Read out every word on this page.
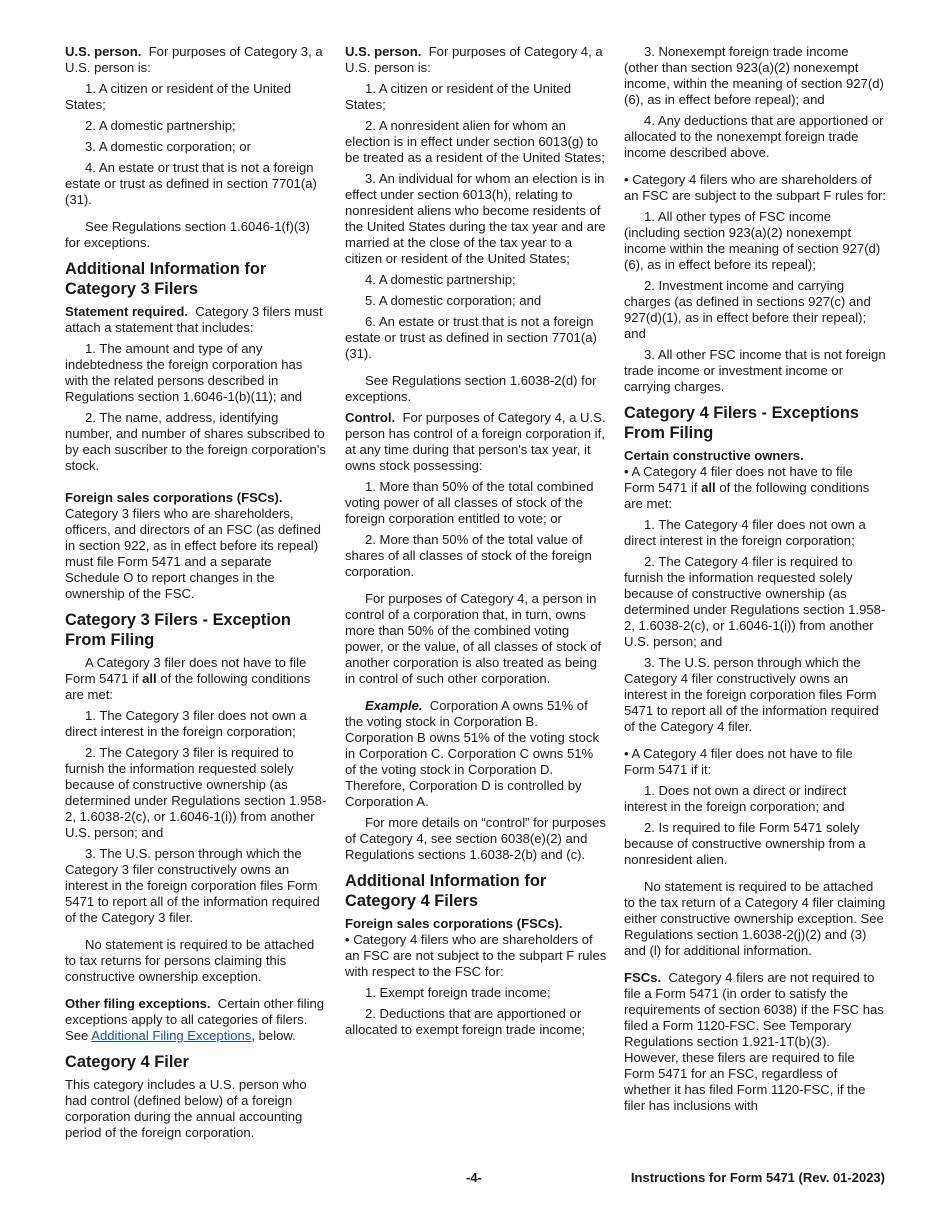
U.S. person. For purposes of Category 3, a U.S. person is:

1. A citizen or resident of the United States;

2. A domestic partnership;

3. A domestic corporation; or

4. An estate or trust that is not a foreign estate or trust as defined in section 7701(a)(31).

See Regulations section 1.6046-1(f)(3) for exceptions.

Additional Information for Category 3 Filers

Statement required. Category 3 filers must attach a statement that includes:

1. The amount and type of any indebtedness the foreign corporation has with the related persons described in Regulations section 1.6046-1(b)(11); and

2. The name, address, identifying number, and number of shares subscribed to by each suscriber to the foreign corporation's stock.

Foreign sales corporations (FSCs).

Category 3 filers who are shareholders, officers, and directors of an FSC (as defined in section 922, as in effect before its repeal) must file Form 5471 and a separate Schedule O to report changes in the ownership of the FSC.

Category 3 Filers - Exception From Filing

A Category 3 filer does not have to file Form 5471 if all of the following conditions are met:

1. The Category 3 filer does not own a direct interest in the foreign corporation;

2. The Category 3 filer is required to furnish the information requested solely because of constructive ownership (as determined under Regulations section 1.958-2, 1.6038-2(c), or 1.6046-1(i)) from another U.S. person; and

3. The U.S. person through which the Category 3 filer constructively owns an interest in the foreign corporation files Form 5471 to report all of the information required of the Category 3 filer.

No statement is required to be attached to tax returns for persons claiming this constructive ownership exception.

Other filing exceptions. Certain other filing exceptions apply to all categories of filers. See Additional Filing Exceptions, below.

Category 4 Filer

This category includes a U.S. person who had control (defined below) of a foreign corporation during the annual accounting period of the foreign corporation.

U.S. person. For purposes of Category 4, a U.S. person is:

1. A citizen or resident of the United States;

2. A nonresident alien for whom an election is in effect under section 6013(g) to be treated as a resident of the United States;

3. An individual for whom an election is in effect under section 6013(h), relating to nonresident aliens who become residents of the United States during the tax year and are married at the close of the tax year to a citizen or resident of the United States;

4. A domestic partnership;

5. A domestic corporation; and

6. An estate or trust that is not a foreign estate or trust as defined in section 7701(a)(31).

See Regulations section 1.6038-2(d) for exceptions.

Control. For purposes of Category 4, a U.S. person has control of a foreign corporation if, at any time during that person's tax year, it owns stock possessing:

1. More than 50% of the total combined voting power of all classes of stock of the foreign corporation entitled to vote; or

2. More than 50% of the total value of shares of all classes of stock of the foreign corporation.

For purposes of Category 4, a person in control of a corporation that, in turn, owns more than 50% of the combined voting power, or the value, of all classes of stock of another corporation is also treated as being in control of such other corporation.

Example. Corporation A owns 51% of the voting stock in Corporation B. Corporation B owns 51% of the voting stock in Corporation C. Corporation C owns 51% of the voting stock in Corporation D. Therefore, Corporation D is controlled by Corporation A.

For more details on “control” for purposes of Category 4, see section 6038(e)(2) and Regulations sections 1.6038-2(b) and (c).

Additional Information for Category 4 Filers

Foreign sales corporations (FSCs).

• Category 4 filers who are shareholders of an FSC are not subject to the subpart F rules with respect to the FSC for:

1. Exempt foreign trade income;

2. Deductions that are apportioned or allocated to exempt foreign trade income;

3. Nonexempt foreign trade income (other than section 923(a)(2) nonexempt income, within the meaning of section 927(d)(6), as in effect before repeal); and

4. Any deductions that are apportioned or allocated to the nonexempt foreign trade income described above.

• Category 4 filers who are shareholders of an FSC are subject to the subpart F rules for:

1. All other types of FSC income (including section 923(a)(2) nonexempt income within the meaning of section 927(d)(6), as in effect before its repeal);

2. Investment income and carrying charges (as defined in sections 927(c) and 927(d)(1), as in effect before their repeal); and

3. All other FSC income that is not foreign trade income or investment income or carrying charges.

Category 4 Filers - Exceptions From Filing

Certain constructive owners.

• A Category 4 filer does not have to file Form 5471 if all of the following conditions are met:

1. The Category 4 filer does not own a direct interest in the foreign corporation;

2. The Category 4 filer is required to furnish the information requested solely because of constructive ownership (as determined under Regulations section 1.958-2, 1.6038-2(c), or 1.6046-1(i)) from another U.S. person; and

3. The U.S. person through which the Category 4 filer constructively owns an interest in the foreign corporation files Form 5471 to report all of the information required of the Category 4 filer.

• A Category 4 filer does not have to file Form 5471 if it:

1. Does not own a direct or indirect interest in the foreign corporation; and

2. Is required to file Form 5471 solely because of constructive ownership from a nonresident alien.

No statement is required to be attached to the tax return of a Category 4 filer claiming either constructive ownership exception. See Regulations section 1.6038-2(j)(2) and (3) and (l) for additional information.

FSCs. Category 4 filers are not required to file a Form 5471 (in order to satisfy the requirements of section 6038) if the FSC has filed a Form 1120-FSC. See Temporary Regulations section 1.921-1T(b)(3). However, these filers are required to file Form 5471 for an FSC, regardless of whether it has filed Form 1120-FSC, if the filer has inclusions with

-4-	Instructions for Form 5471 (Rev. 01-2023)
